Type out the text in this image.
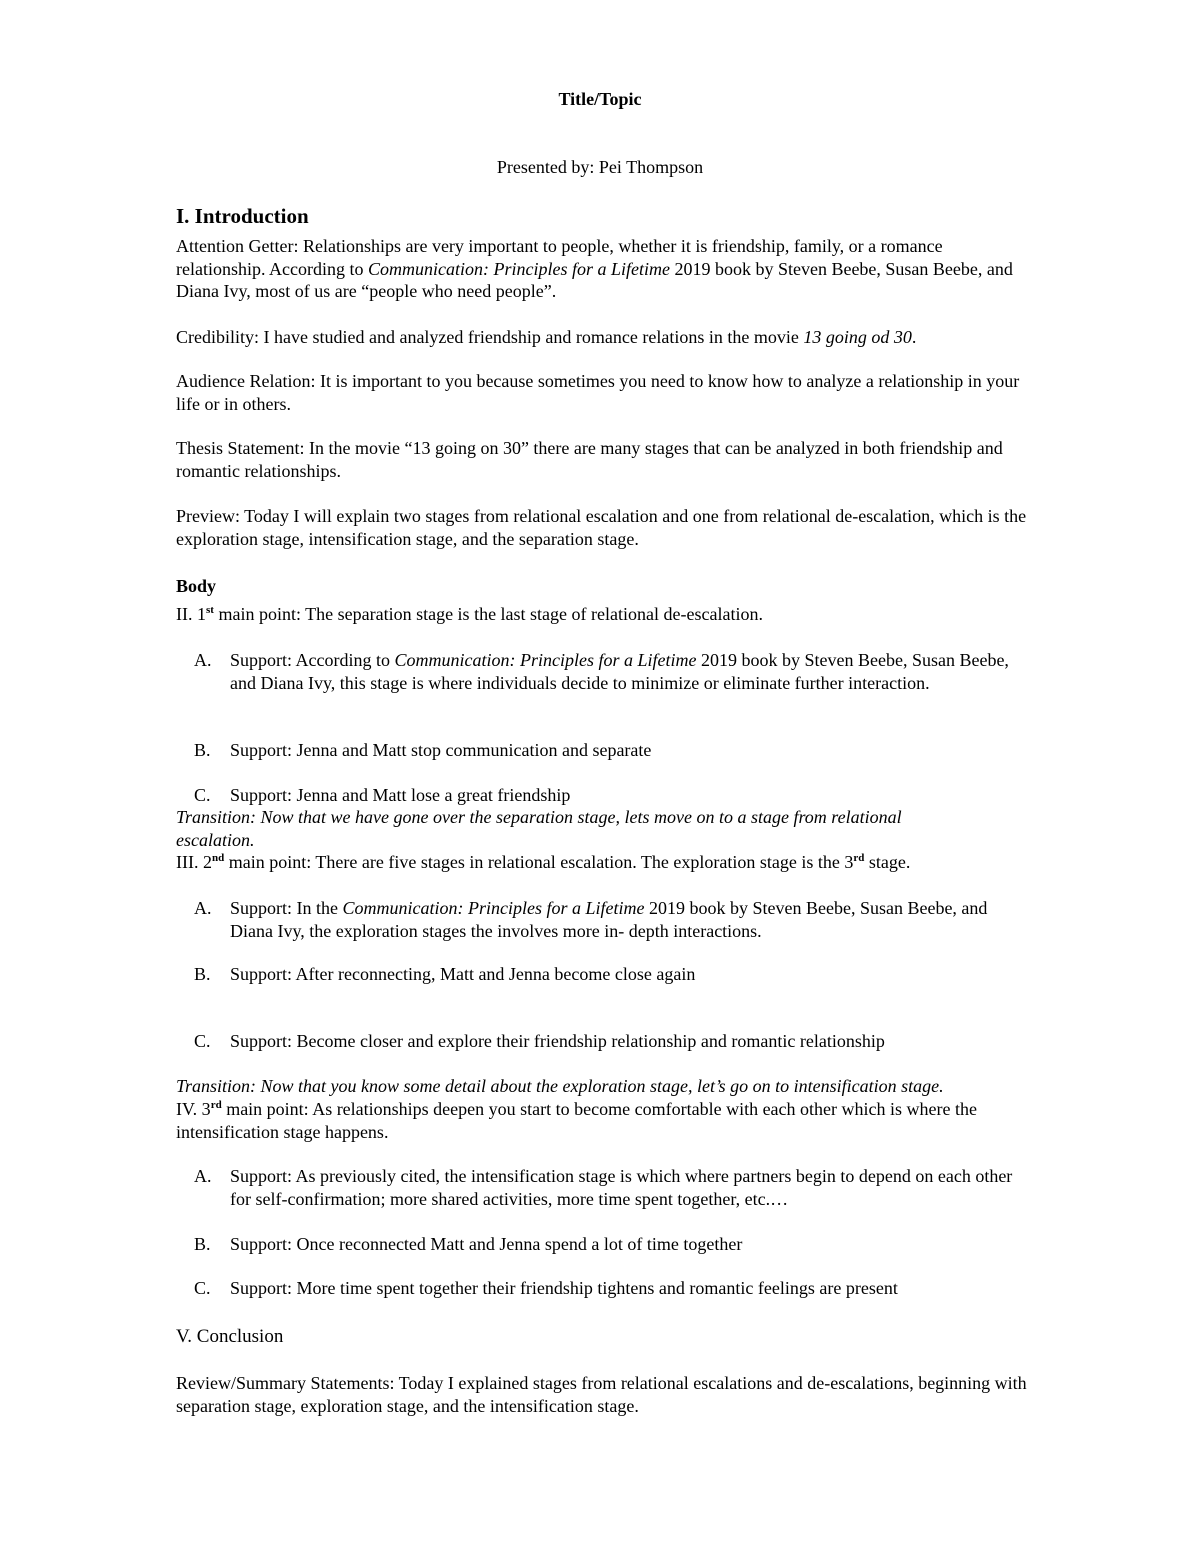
Title/Topic
Presented by: Pei Thompson
I. Introduction

Attention Getter: Relationships are very important to people, whether it is friendship, family, or a romance relationship. According to Communication: Principles for a Lifetime 2019 book by Steven Beebe, Susan Beebe, and Diana Ivy, most of us are “people who need people”.

Credibility: I have studied and analyzed friendship and romance relations in the movie 13 going od 30.

Audience Relation: It is important to you because sometimes you need to know how to analyze a relationship in your life or in others.

Thesis Statement: In the movie “13 going on 30” there are many stages that can be analyzed in both friendship and romantic relationships.

Preview: Today I will explain two stages from relational escalation and one from relational de-escalation, which is the exploration stage, intensification stage, and the separation stage.

Body
II. 1st main point: The separation stage is the last stage of relational de-escalation.
A. Support: According to Communication: Principles for a Lifetime 2019 book by Steven Beebe, Susan Beebe, and Diana Ivy, this stage is where individuals decide to minimize or eliminate further interaction.
B. Support: Jenna and Matt stop communication and separate
C. Support: Jenna and Matt lose a great friendship

Transition: Now that we have gone over the separation stage, lets move on to a stage from relational escalation.

III. 2nd main point: There are five stages in relational escalation. The exploration stage is the 3rd stage.
A. Support: In the Communication: Principles for a Lifetime 2019 book by Steven Beebe, Susan Beebe, and Diana Ivy, the exploration stages the involves more in- depth interactions.
B. Support: After reconnecting, Matt and Jenna become close again
C. Support: Become closer and explore their friendship relationship and romantic relationship

Transition: Now that you know some detail about the exploration stage, let’s go on to intensification stage.

IV. 3rd main point: As relationships deepen you start to become comfortable with each other which is where the intensification stage happens.
A. Support: As previously cited, the intensification stage is which where partners begin to depend on each other for self-confirmation; more shared activities, more time spent together, etc.…
B. Support: Once reconnected Matt and Jenna spend a lot of time together
C. Support: More time spent together their friendship tightens and romantic feelings are present
V. Conclusion

Review/Summary Statements: Today I explained stages from relational escalations and de-escalations, beginning with separation stage, exploration stage, and the intensification stage.
